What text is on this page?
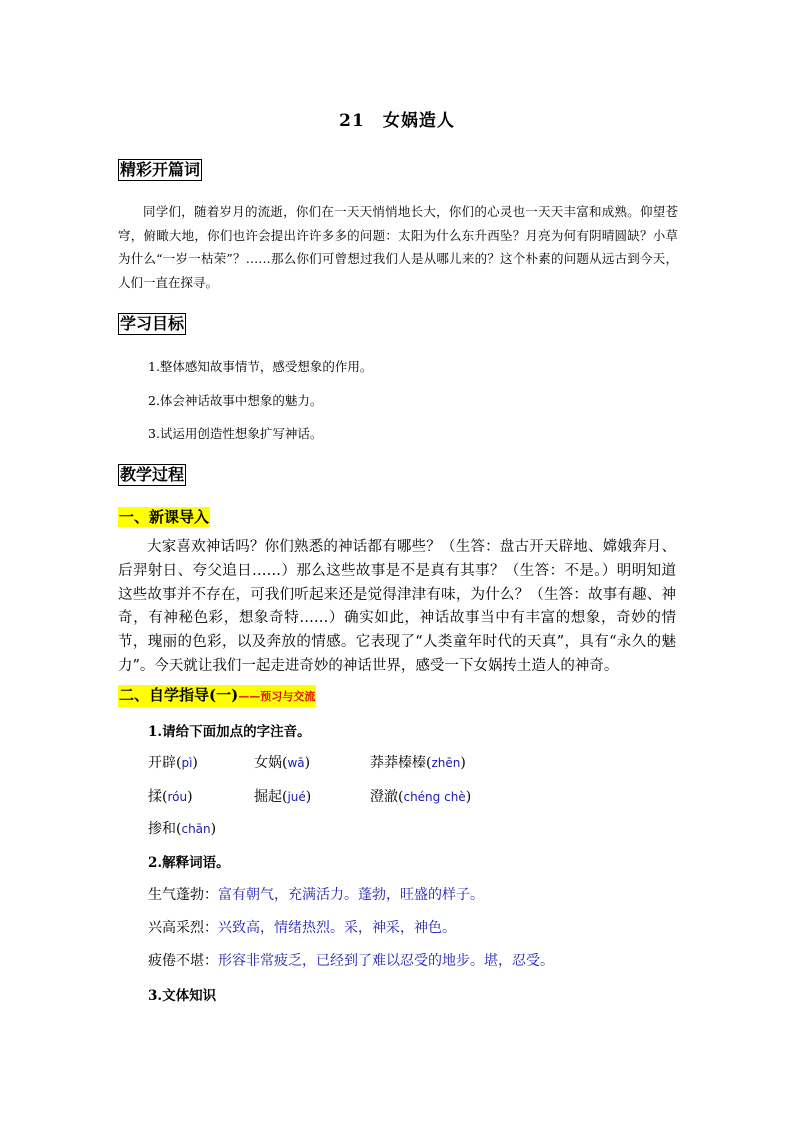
21 女娲造人
精彩开篇词

同学们，随着岁月的流逝，你们在一天天悄悄地长大，你们的心灵也一天天丰富和成熟。仰望苍穹，俯瞰大地，你们也许会提出许许多多的问题：太阳为什么东升西坠？月亮为何有阴晴圆缺？小草为什么“一岁一枯荣”？……那么你们可曾想过我们人是从哪儿来的？这个朴素的问题从远古到今天，人们一直在探寻。

学习目标
1.整体感知故事情节，感受想象的作用。
2.体会神话故事中想象的魅力。
3.试运用创造性想象扩写神话。
教学过程
一、新课导入

大家喜欢神话吗？你们熟悉的神话都有哪些？（生答：盘古开天辟地、嫦娥奔月、后羿射日、夸父追日……）那么这些故事是不是真有其事？（生答：不是。）明明知道这些故事并不存在，可我们听起来还是觉得津津有味，为什么？（生答：故事有趣、神奇，有神秘色彩，想象奇特……）确实如此，神话故事当中有丰富的想象，奇妙的情节，瑰丽的色彩，以及奔放的情感。它表现了“人类童年时代的天真”，具有“永久的魅力”。今天就让我们一起走进奇妙的神话世界，感受一下女娲抟土造人的神奇。

二、自学指导(一)——预习与交流
1.请给下面加点的字注音。
开辟(pì)	女娲(wā)	莽莽榛榛(zhēn)
揉(róu)	掘起(jué)	澄澈(chéng chè)
掺和(chān)
2.解释词语。
生气蓬勃：富有朝气，充满活力。蓬勃，旺盛的样子。
兴高采烈：兴致高，情绪热烈。采，神采，神色。
疲倦不堪：形容非常疲乏，已经到了难以忍受的地步。堪，忍受。
3.文体知识
